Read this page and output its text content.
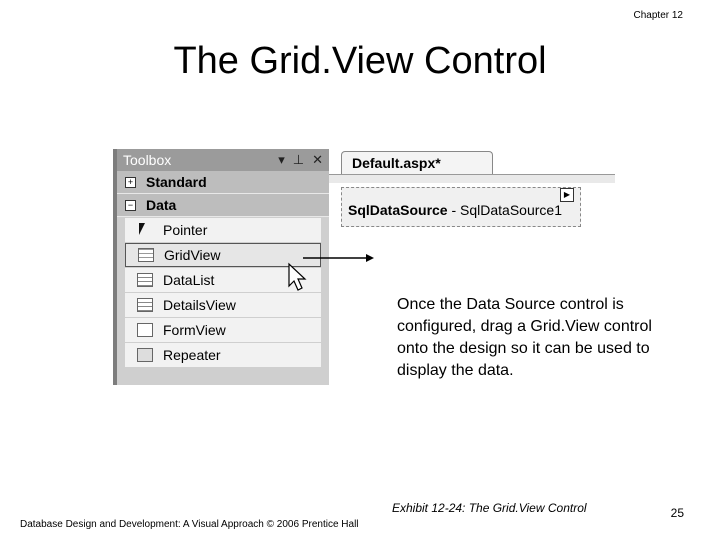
Chapter 12
The Grid.View Control
Toolbox	▾ ⊥ ✕
+ Standard
− Data
Pointer
GridView
DataList
DetailsView
FormView
Repeater
Default.aspx*
▶
SqlDataSource - SqlDataSource1
Once the Data Source control is configured, drag a Grid.View control onto the design so it can be used to display the data.
Exhibit 12-24: The Grid.View Control	25
Database Design and Development: A Visual Approach © 2006 Prentice Hall
